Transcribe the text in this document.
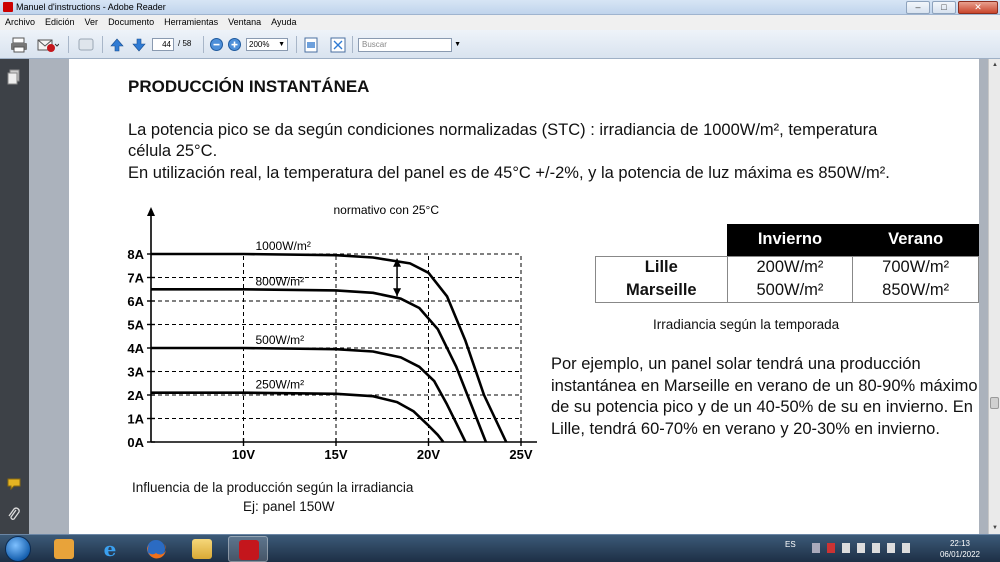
Manuel d'instructions - Adobe Reader	–	□	✕
Archivo	Edición	Ver	Documento	Herramientas	Ventana	Ayuda
44 / 58	200% ▼	Buscar	▼
PRODUCCIÓN INSTANTÁNEA
La potencia pico se da según condiciones normalizadas (STC) : irradiancia de 1000W/m², temperatura
célula 25°C.
En utilización real, la temperatura del panel es de 45°C +/-2%, y la potencia de luz máxima es 850W/m².
0A
1A
2A
3A
4A
5A
6A
7A
8A
10V	15V	20V	25V
1000W/m²
800W/m²
500W/m²
250W/m²
normativo con 25°C
Influencia de la producción según la irradiancia
Ej: panel 150W
	Invierno	Verano
Lille	200W/m²	700W/m²
Marseille	500W/m²	850W/m²
Irradiancia según la temporada
Por ejemplo, un panel solar tendrá una producción instantánea en Marseille en verano de un 80-90% máximo de su potencia pico y de un 40-50% de su en invierno. En Lille, tendrá 60-70% en verano y 20-30% en invierno.
▲
▼
e	ES	22:13
06/01/2022
